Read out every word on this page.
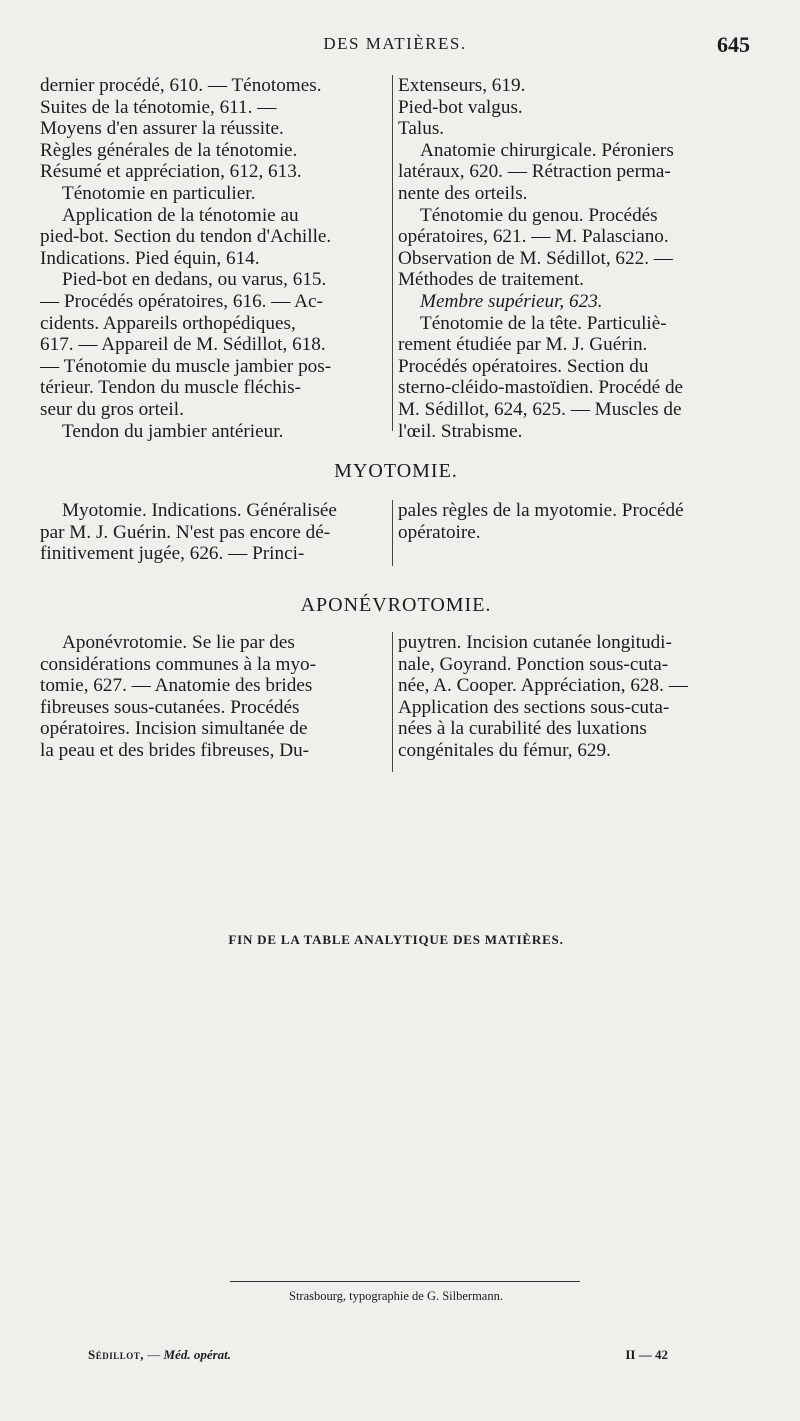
DES MATIÈRES.	645

dernier procédé, 610. — Ténotomes.

Suites de la ténotomie, 611. —

Moyens d'en assurer la réussite.

Règles générales de la ténotomie.

Résumé et appréciation, 612, 613.

Ténotomie en particulier.

Application de la ténotomie au

pied-bot. Section du tendon d'Achille.

Indications. Pied équin, 614.

Pied-bot en dedans, ou varus, 615.

— Procédés opératoires, 616. — Ac-

cidents. Appareils orthopédiques,

617. — Appareil de M. Sédillot, 618.

— Ténotomie du muscle jambier pos-

térieur. Tendon du muscle fléchis-

seur du gros orteil.

Tendon du jambier antérieur.

Extenseurs, 619.

Pied-bot valgus.

Talus.

Anatomie chirurgicale. Péroniers

latéraux, 620. — Rétraction perma-

nente des orteils.

Ténotomie du genou. Procédés

opératoires, 621. — M. Palasciano.

Observation de M. Sédillot, 622. —

Méthodes de traitement.

Membre supérieur, 623.

Ténotomie de la tête. Particuliè-

rement étudiée par M. J. Guérin.

Procédés opératoires. Section du

sterno-cléido-mastoïdien. Procédé de

M. Sédillot, 624, 625. — Muscles de

l'œil. Strabisme.

MYOTOMIE.

Myotomie. Indications. Généralisée

par M. J. Guérin. N'est pas encore dé-

finitivement jugée, 626. — Princi-

pales règles de la myotomie. Procédé

opératoire.

APONÉVROTOMIE.

Aponévrotomie. Se lie par des

considérations communes à la myo-

tomie, 627. — Anatomie des brides

fibreuses sous-cutanées. Procédés

opératoires. Incision simultanée de

la peau et des brides fibreuses, Du-

puytren. Incision cutanée longitudi-

nale, Goyrand. Ponction sous-cuta-

née, A. Cooper. Appréciation, 628. —

Application des sections sous-cuta-

nées à la curabilité des luxations

congénitales du fémur, 629.

FIN DE LA TABLE ANALYTIQUE DES MATIÈRES.
Strasbourg, typographie de G. Silbermann.
Sédillot, — Méd. opérat.	II — 42
